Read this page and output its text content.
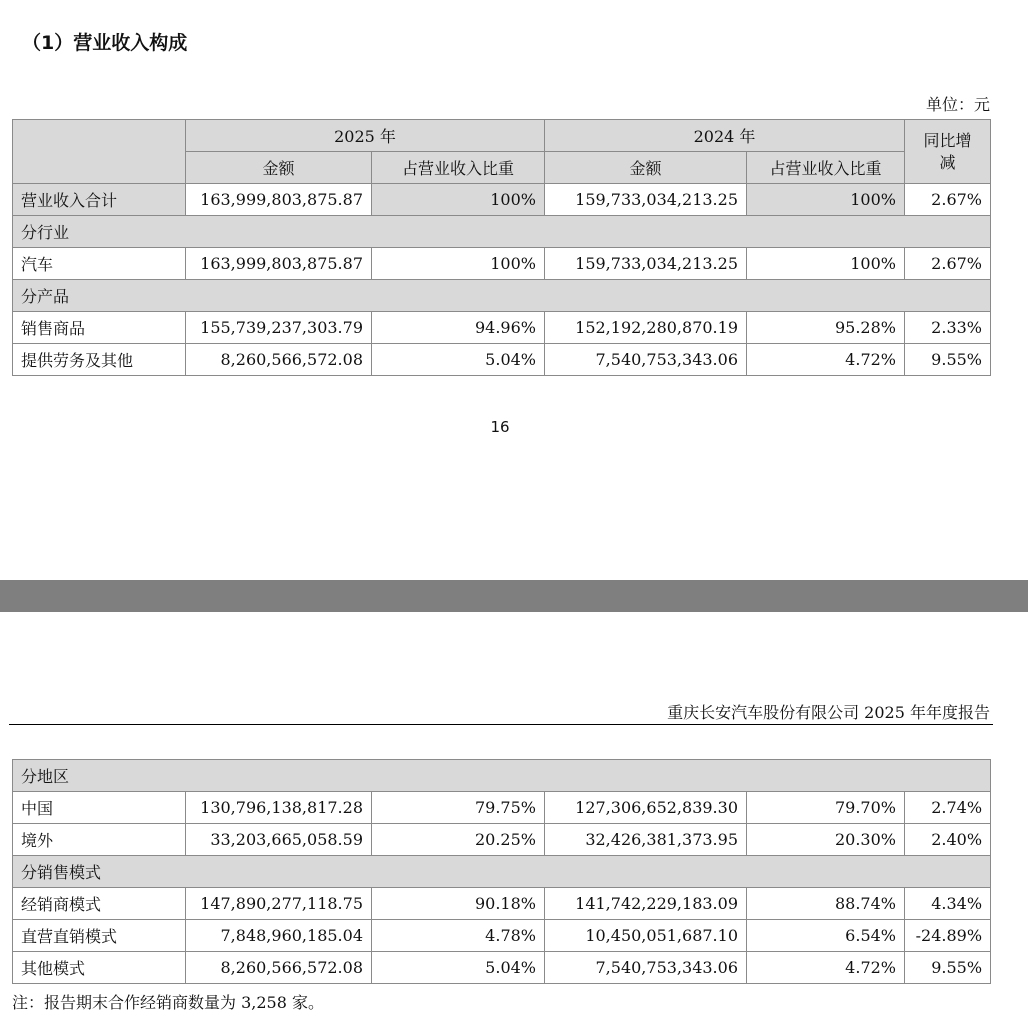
（1）营业收入构成
单位：元
	2025 年		2024 年		同比增减
	金额	占营业收入比重	金额	占营业收入比重	
营业收入合计	163,999,803,875.87	100%	159,733,034,213.25	100%	2.67%
分行业					
汽车	163,999,803,875.87	100%	159,733,034,213.25	100%	2.67%
分产品					
销售商品	155,739,237,303.79	94.96%	152,192,280,870.19	95.28%	2.33%
提供劳务及其他	8,260,566,572.08	5.04%	7,540,753,343.06	4.72%	9.55%
16
重庆长安汽车股份有限公司 2025 年年度报告
分地区					
中国	130,796,138,817.28	79.75%	127,306,652,839.30	79.70%	2.74%
境外	33,203,665,058.59	20.25%	32,426,381,373.95	20.30%	2.40%
分销售模式					
经销商模式	147,890,277,118.75	90.18%	141,742,229,183.09	88.74%	4.34%
直营直销模式	7,848,960,185.04	4.78%	10,450,051,687.10	6.54%	-24.89%
其他模式	8,260,566,572.08	5.04%	7,540,753,343.06	4.72%	9.55%
注：报告期末合作经销商数量为 3,258 家。
